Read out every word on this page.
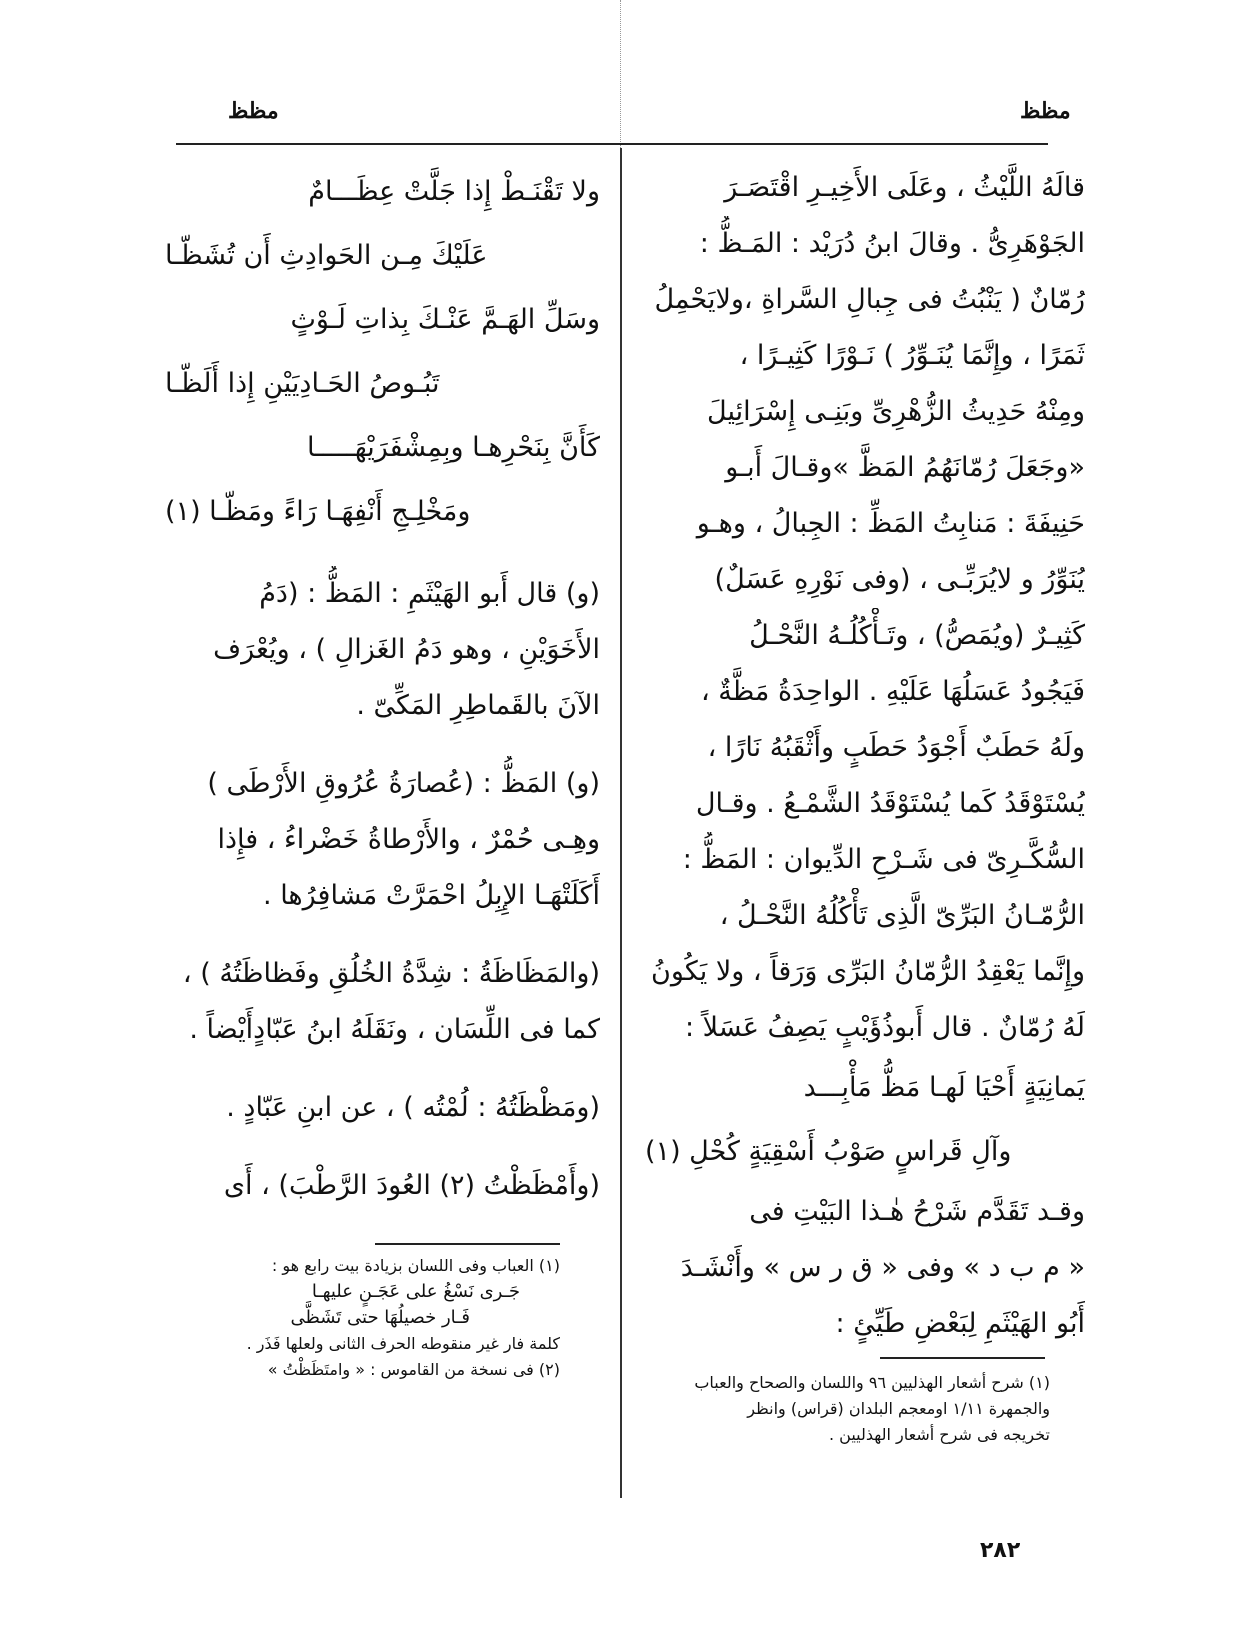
مظظ
مظظ
قالَهُ اللَّيْثُ ، وعَلَى الأَخِيـرِ اقْتَصَـرَ
الجَوْهَرِىُّ . وقالَ ابنُ دُرَيْد : المَـظُّ :
رُمّانٌ ( يَنْبُتُ فى جِبالِ السَّراةِ ،ولايَحْمِلُ
ثَمَرًا ، وإِنَّمَا يُنَـوِّرُ ) نَـوْرًا كَثِيـرًا ،
ومِنْهُ حَدِيثُ الزُّهْرِىِّ وبَنِـى إِسْرَائِيلَ
«وجَعَلَ رُمّانَهُمُ المَظَّ »وقـالَ أَبـو
حَنِيفَةَ : مَنابِتُ المَظِّ : الجِبالُ ، وهـو
يُنَوِّرُ و لايُرَبِّـى ، (وفى نَوْرِهِ عَسَلٌ)
كَثِيـرٌ (ويُمَصُّ) ، وتَـأْكُلُـهُ النَّحْـلُ
فَيَجُودُ عَسَلُهَا عَلَيْهِ . الواحِدَةُ مَظَّةٌ ،
ولَهُ حَطَبٌ أَجْوَدُ حَطَبٍ وأَثْقَبُهُ نَارًا ،
يُسْتَوْقَدُ كَما يُسْتَوْقَدُ الشَّمْـعُ . وقـال
السُّكَّـرِىّ فى شَـرْحِ الدِّيوان : المَظُّ :
الرُّمّـانُ البَرِّىّ الَّذِى تَأْكُلُهُ النَّحْـلُ ،
وإِنَّما يَعْقِدُ الرُّمّانُ البَرِّى وَرَقاً ، ولا يَكُونُ
لَهُ رُمّانٌ . قال أَبوذُؤَيْبٍ يَصِفُ عَسَلاً :
يَمانِيَةٍ أَحْيَا لَهـا مَظُّ مَأْبِـــد
وآلِ قَراسٍ صَوْبُ أَسْقِيَةٍ كُحْلِ (١)
وقـد تَقَدَّم شَرْحُ هٰـذا البَيْتِ فى
« م ب د » وفى « ق ر س » وأَنْشَـدَ
أَبُو الهَيْثَمِ لِبَعْضِ طَيِّئٍ :
ولا تَقْنَـطْ إِذا جَلَّتْ عِظَـــامٌ
عَلَيْكَ مِـن الحَوادِثِ أَن تُشَظّـا
وسَلِّ الهَـمَّ عَنْـكَ بِذاتِ لَـوْثٍ
تَبُـوصُ الحَـادِيَيْنِ إِذا أَلَظّـا
كَأَنَّ بِنَحْرِهـا وبِمِشْفَرَيْهَـــــا
ومَخْلِـجِ أَنْفِهَـا رَاءً ومَظّـا (١)
(و) قال أَبو الهَيْثَمِ : المَظُّ : (دَمُ
الأَخَوَيْنِ ، وهو دَمُ الغَزالِ ) ، ويُعْرَف
الآنَ بالقَماطِرِ المَكِّىّ .
(و) المَظُّ : (عُصارَةُ عُرُوقِ الأَرْطَى )
وهِـى حُمْرٌ ، والأَرْطاةُ خَضْراءُ ، فإِذا
أَكَلَتْهَـا الإِبِلُ احْمَرَّتْ مَشافِرُها .
(والمَظَاظَةُ : شِدَّةُ الخُلُقِ وفَظاظَتُهُ ) ،
كما فى اللِّسَان ، ونَقَلَهُ ابنُ عَبّادٍأَيْضاً .
(ومَظْظَتُهُ : لُمْتُه ) ، عن ابنِ عَبّادٍ .
(وأَمْظَظْتُ (٢) العُودَ الرَّطْبَ) ، أَى
(١) شرح أشعار الهذليين ٩٦ واللسان والصحاح والعباب
والجمهرة ١/١١ اومعجم البلدان (قراس) وانظر
تخريجه فى شرح أشعار الهذليين .
(١) العباب وفى اللسان بزيادة بيت رابع هو :
جَـرى نَسْغُ على عَجَـنٍ عليهـا
فَـار خصيلُهَا حتى تَشَظَّى
كلمة فار غير منقوطه الحرف الثانى ولعلها فَذَر .
(٢) فى نسخة من القاموس : « وامتَظَظْتُ »
٢٨٢
